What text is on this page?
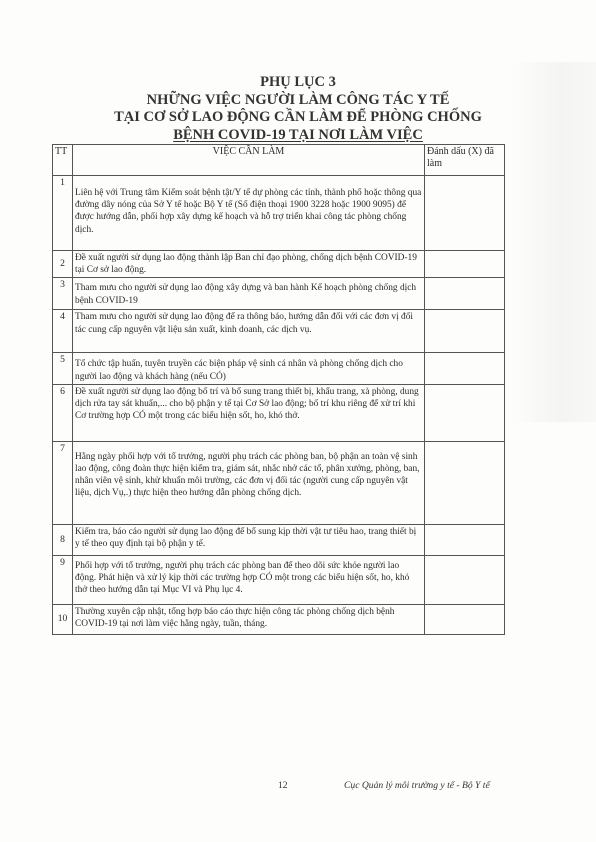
PHỤ LỤC 3
NHỮNG VIỆC NGƯỜI LÀM CÔNG TÁC Y TẾ
TẠI CƠ SỞ LAO ĐỘNG CẦN LÀM ĐỂ PHÒNG CHỐNG
BỆNH COVID-19 TẠI NƠI LÀM VIỆC
TT	VIỆC CẦN LÀM	Đánh dấu (X) đã làm
1	Liên hệ với Trung tâm Kiểm soát bệnh tật/Y tế dự phòng các tỉnh, thành phố hoặc thông qua đường dây nóng của Sở Y tế hoặc Bộ Y tế (Số điện thoại 1900 3228 hoặc 1900 9095) để được hướng dẫn, phối hợp xây dựng kế hoạch và hỗ trợ triển khai công tác phòng chống dịch.	
2	Đề xuất người sử dụng lao động thành lập Ban chỉ đạo phòng, chống dịch bệnh COVID-19 tại Cơ sở lao động.	
3	Tham mưu cho người sử dụng lao động xây dựng và ban hành Kế hoạch phòng chống dịch bệnh COVID-19	
4	Tham mưu cho người sử dụng lao động để ra thông báo, hướng dẫn đối với các đơn vị đối tác cung cấp nguyên vật liệu sản xuất, kinh doanh, các dịch vụ.	
5	Tổ chức tập huấn, tuyên truyền các biện pháp vệ sinh cá nhân và phòng chống dịch cho người lao động và khách hàng (nếu CÓ)	
6	Đề xuất người sử dụng lao động bố trí và bổ sung trang thiết bị, khẩu trang, xà phòng, dung dịch rửa tay sát khuẩn,... cho bộ phận y tế tại Cơ Sở lao động; bố trí khu riêng để xử trí khi Cơ trường hợp CÓ một trong các biểu hiện sốt, ho, khó thở.	
7	Hằng ngày phối hợp với tổ trưởng, người phụ trách các phòng ban, bộ phận an toàn vệ sinh lao động, công đoàn thực hiện kiểm tra, giám sát, nhắc nhở các tổ, phân xưởng, phòng, ban, nhân viên vệ sinh, khử khuẩn môi trường, các đơn vị đối tác (người cung cấp nguyên vật liệu, dịch Vụ,.) thực hiện theo hướng dẫn phòng chống dịch.	
8	Kiểm tra, báo cáo người sử dụng lao động để bổ sung kịp thời vật tư tiêu hao, trang thiết bị y tế theo quy định tại bộ phận y tế.	
9	Phối hợp với tổ trưởng, người phụ trách các phòng ban để theo dõi sức khỏe người lao động. Phát hiện và xử lý kịp thời các trường hợp CÓ một trong các biểu hiện sốt, ho, khó thở theo hướng dẫn tại Mục VI và Phụ lục 4.	
10	Thường xuyên cập nhật, tổng hợp báo cáo thực hiện công tác phòng chống dịch bệnh COVID-19 tại nơi làm việc hằng ngày, tuần, tháng.	
12	Cục Quản lý môi trường y tế - Bộ Y tế
